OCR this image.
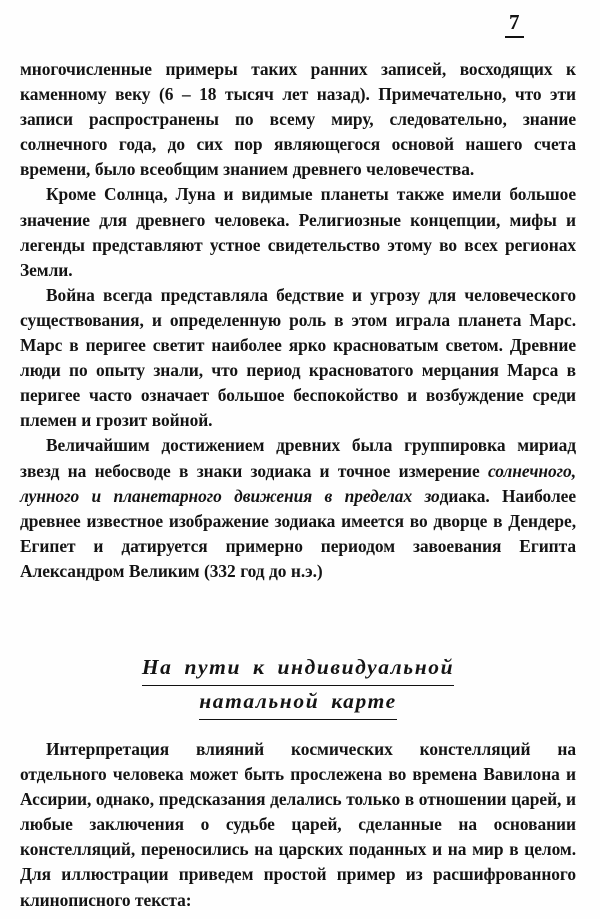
7

многочисленные примеры таких ранних записей, восходящих к каменному веку (6 – 18 тысяч лет назад). Примечательно, что эти записи распространены по всему миру, следовательно, знание солнечного года, до сих пор являющегося основой нашего счета времени, было всеобщим знанием древнего человечества.

Кроме Солнца, Луна и видимые планеты также имели большое значение для древнего человека. Религиозные концепции, мифы и легенды представляют устное свидетельство этому во всех регионах Земли.

Война всегда представляла бедствие и угрозу для человеческого существования, и определенную роль в этом играла планета Марс. Марс в перигее светит наиболее ярко красноватым светом. Древние люди по опыту знали, что период красноватого мерцания Марса в перигее часто означает большое беспокойство и возбуждение среди племен и грозит войной.

Величайшим достижением древних была группировка мириад звезд на небосводе в знаки зодиака и точное измерение солнечного, лунного и планетарного движения в пределах зодиака. Наиболее древнее известное изображение зодиака имеется во дворце в Дендере, Египет и датируется примерно периодом завоевания Египта Александром Великим (332 год до н.э.)

На пути к индивидуальной
натальной карте

Интерпретация влияний космических констелляций на отдельного человека может быть прослежена во времена Вавилона и Ассирии, однако, предсказания делались только в отношении царей, и любые заключения о судьбе царей, сделанные на основании констелляций, переносились на царских поданных и на мир в целом. Для иллюстрации приведем простой пример из расшифрованного клинописного текста:
